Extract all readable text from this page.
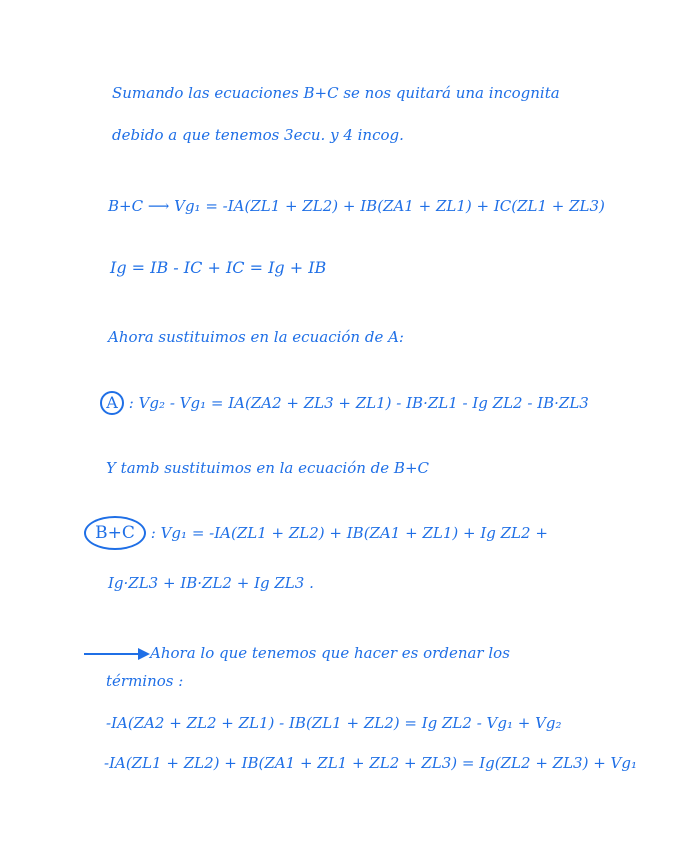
Sumando las ecuaciones B+C se nos quitará una incognita
debido a que tenemos 3ecu. y 4 incog.
B+C ⟶ Vg₁ = -IA(ZL1 + ZL2) + IB(ZA1 + ZL1) + IC(ZL1 + ZL3)
Ig = IB - IC + IC = Ig + IB
Ahora sustituimos en la ecuación de A:
A : Vg₂ - Vg₁ = IA(ZA2 + ZL3 + ZL1) - IB·ZL1 - Ig ZL2 - IB·ZL3
Y tamb sustituimos en la ecuación de B+C
B+C : Vg₁ = -IA(ZL1 + ZL2) + IB(ZA1 + ZL1) + Ig ZL2 +
Ig·ZL3 + IB·ZL2 + Ig ZL3 .
Ahora lo que tenemos que hacer es ordenar los
términos :
-IA(ZA2 + ZL2 + ZL1) - IB(ZL1 + ZL2) = Ig ZL2 - Vg₁ + Vg₂
-IA(ZL1 + ZL2) + IB(ZA1 + ZL1 + ZL2 + ZL3) = Ig(ZL2 + ZL3) + Vg₁
